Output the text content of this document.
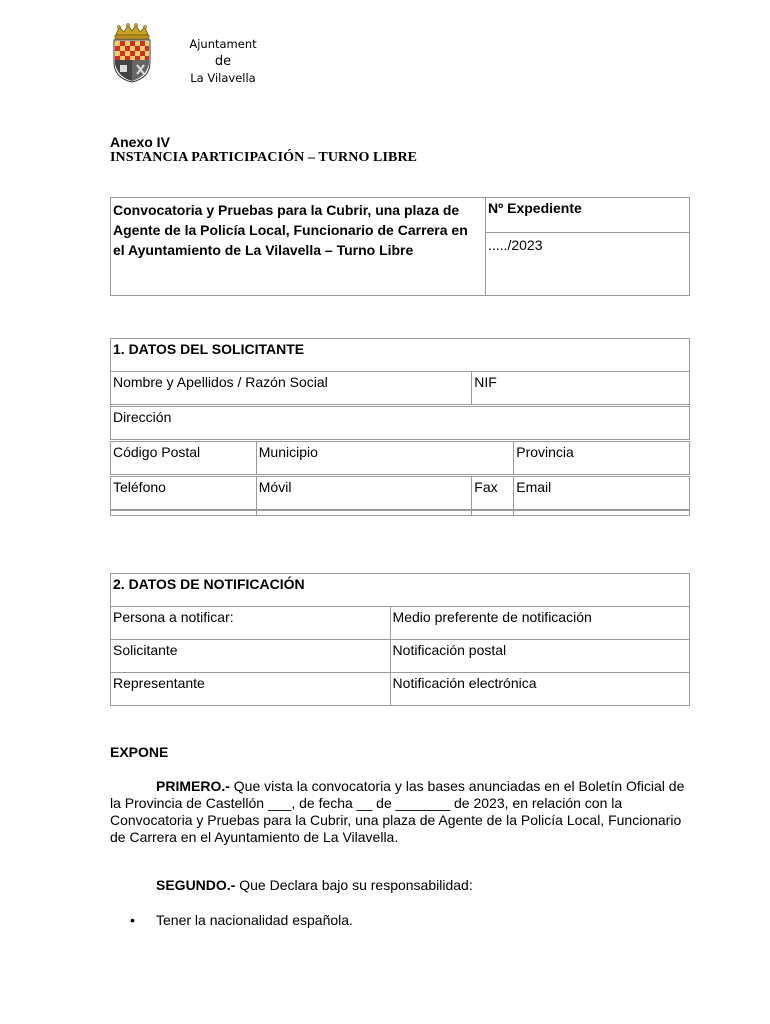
Ajuntament
de
La Vilavella
Anexo IV
INSTANCIA PARTICIPACIÓN – TURNO LIBRE
Convocatoria y Pruebas para la Cubrir, una plaza de Agente de la Policía Local, Funcionario de Carrera en el Ayuntamiento de La Vilavella – Turno Libre	Nº Expediente
...../2023
1. DATOS DEL SOLICITANTE			
Nombre y Apellidos / Razón Social		NIF	
Dirección			
Código Postal	Municipio		Provincia
Teléfono	Móvil	Fax	Email

2. DATOS DE NOTIFICACIÓN	
Persona a notificar:	Medio preferente de notificación
Solicitante	Notificación postal
Representante	Notificación electrónica
EXPONE
PRIMERO.- Que vista la convocatoria y las bases anunciadas en el Boletín Oficial de la Provincia de Castellón ___, de fecha __ de _______ de 2023, en relación con la Convocatoria y Pruebas para la Cubrir, una plaza de Agente de la Policía Local, Funcionario de Carrera en el Ayuntamiento de La Vilavella.
SEGUNDO.- Que Declara bajo su responsabilidad:
• Tener la nacionalidad española.
